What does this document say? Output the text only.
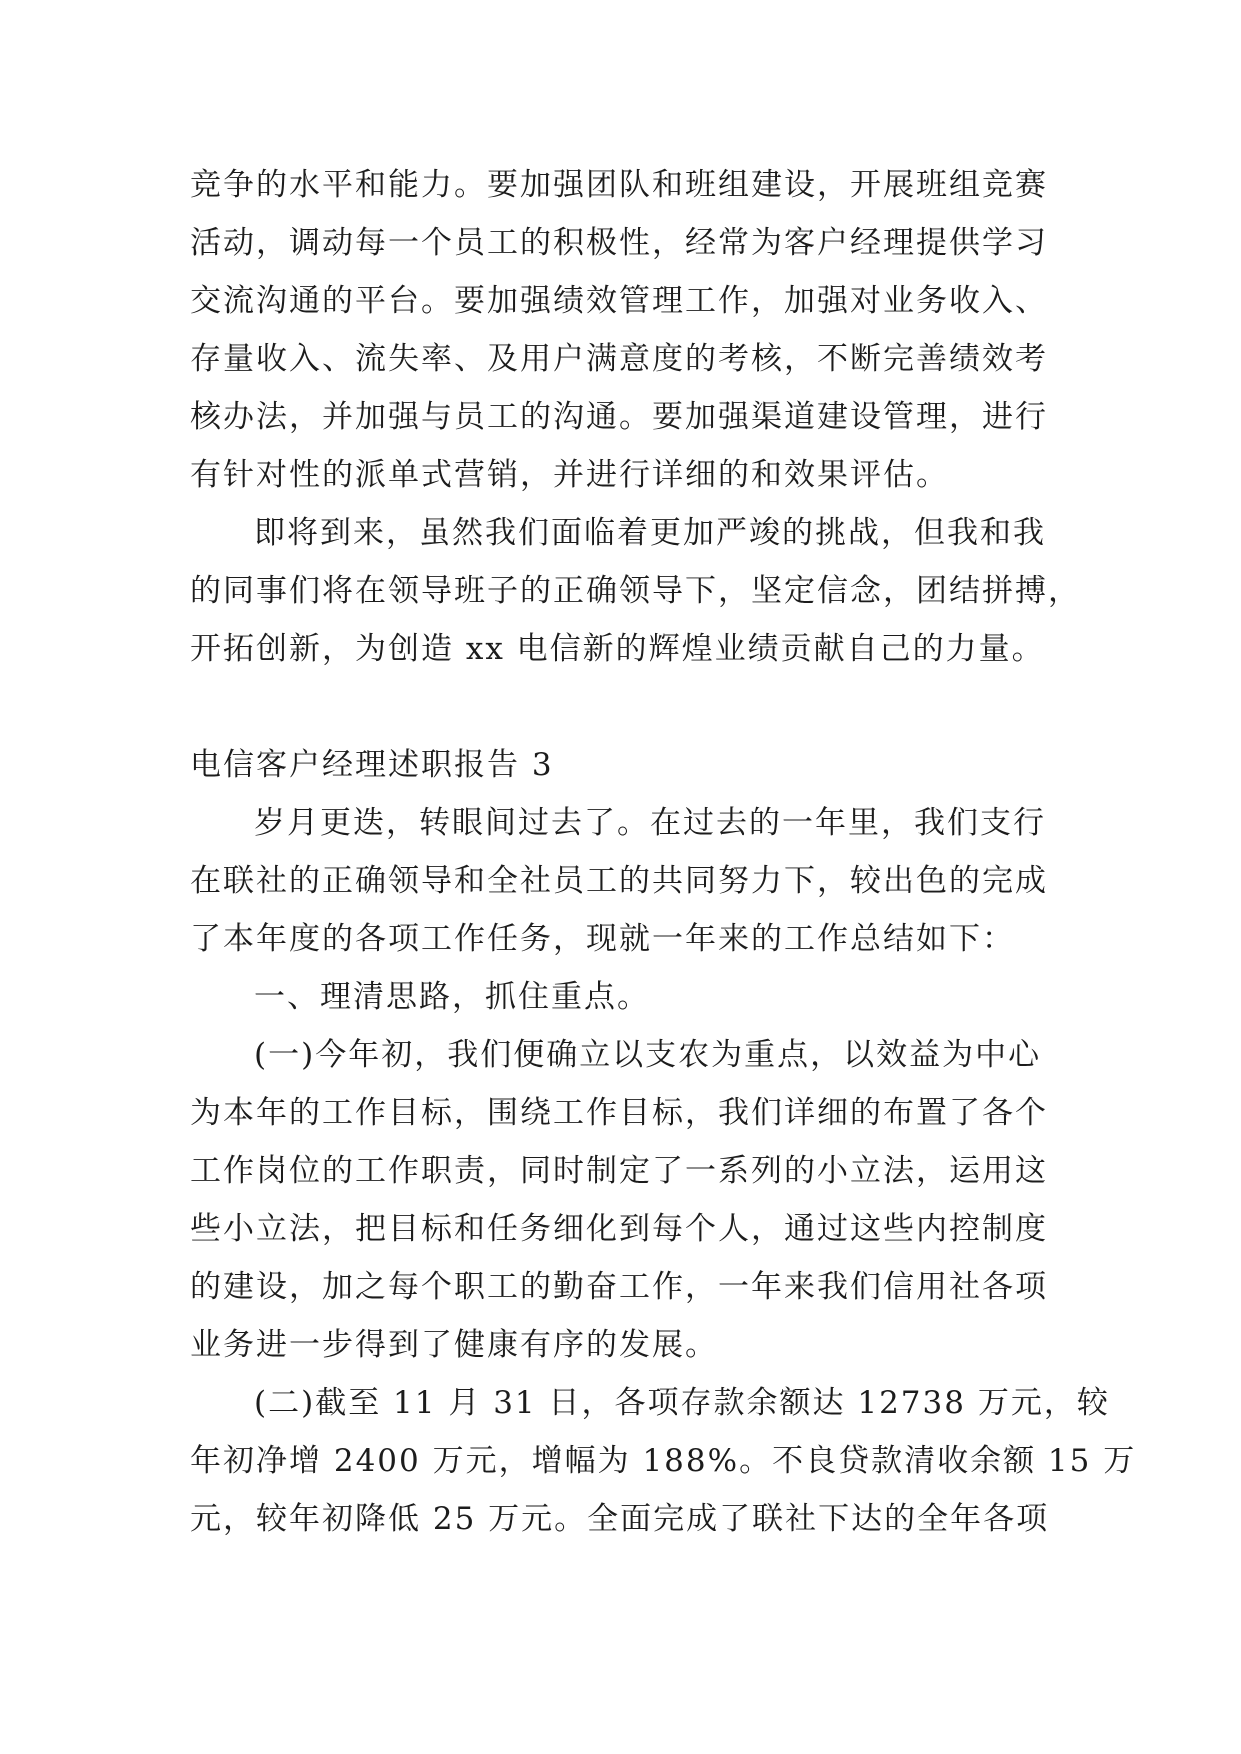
竞争的水平和能力。要加强团队和班组建设，开展班组竞赛
活动，调动每一个员工的积极性，经常为客户经理提供学习
交流沟通的平台。要加强绩效管理工作，加强对业务收入、
存量收入、流失率、及用户满意度的考核，不断完善绩效考
核办法，并加强与员工的沟通。要加强渠道建设管理，进行
有针对性的派单式营销，并进行详细的和效果评估。
即将到来，虽然我们面临着更加严竣的挑战，但我和我
的同事们将在领导班子的正确领导下，坚定信念，团结拼搏，
开拓创新，为创造 xx 电信新的辉煌业绩贡献自己的力量。
电信客户经理述职报告 3
岁月更迭，转眼间过去了。在过去的一年里，我们支行
在联社的正确领导和全社员工的共同努力下，较出色的完成
了本年度的各项工作任务，现就一年来的工作总结如下：
一、理清思路，抓住重点。
(一)今年初，我们便确立以支农为重点，以效益为中心
为本年的工作目标，围绕工作目标，我们详细的布置了各个
工作岗位的工作职责，同时制定了一系列的小立法，运用这
些小立法，把目标和任务细化到每个人，通过这些内控制度
的建设，加之每个职工的勤奋工作，一年来我们信用社各项
业务进一步得到了健康有序的发展。
(二)截至 11 月 31 日，各项存款余额达 12738 万元，较
年初净增 2400 万元，增幅为 188%。不良贷款清收余额 15 万
元，较年初降低 25 万元。全面完成了联社下达的全年各项
